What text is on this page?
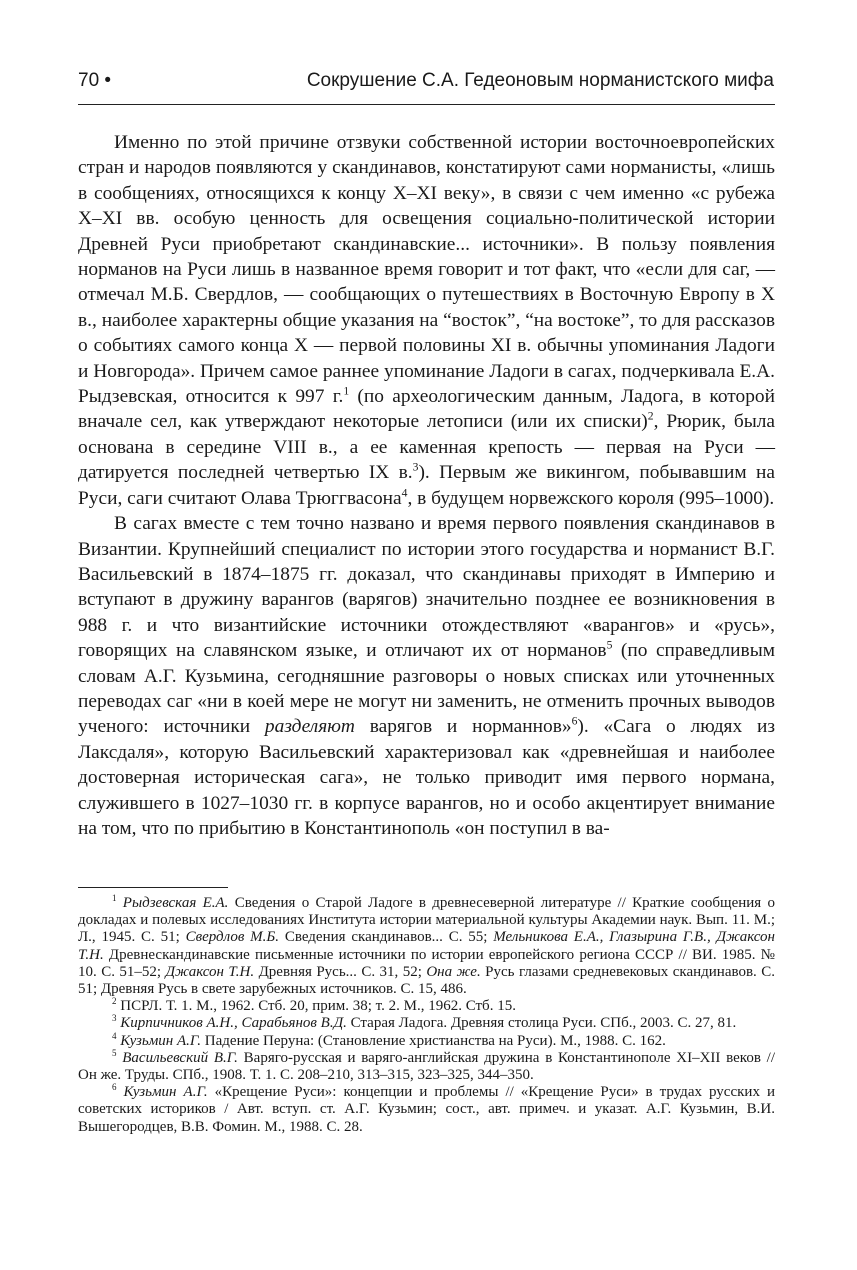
70 •	Сокрушение С.А. Гедеоновым норманистского мифа

Именно по этой причине отзвуки собственной истории восточноевропейских стран и народов появляются у скандинавов, констатируют сами норманисты, «лишь в сообщениях, относящихся к концу Х–XI веку», в связи с чем именно «с рубежа Х–XI вв. особую ценность для освещения социально-политической истории Древней Руси приобретают скандинавские... источники». В пользу появления норманов на Руси лишь в названное время говорит и тот факт, что «если для саг, — отмечал М.Б. Свердлов, — сообщающих о путешествиях в Восточную Европу в X в., наиболее характерны общие указания на “восток”, “на востоке”, то для рассказов о событиях самого конца X — первой половины XI в. обычны упоминания Ладоги и Новгорода». Причем самое раннее упоминание Ладоги в сагах, подчеркивала Е.А. Рыдзевская, относится к 997 г.$^1$ (по археологическим данным, Ладога, в которой вначале сел, как утверждают некоторые летописи (или их списки)$^2$, Рюрик, была основана в середине VIII в., а ее каменная крепость — первая на Руси — датируется последней четвертью IX в.$^3$). Первым же викингом, побывавшим на Руси, саги считают Олава Трюггвасона$^4$, в будущем норвежского короля (995–1000).

В сагах вместе с тем точно названо и время первого появления скандинавов в Византии. Крупнейший специалист по истории этого государства и норманист В.Г. Васильевский в 1874–1875 гг. доказал, что скандинавы приходят в Империю и вступают в дружину варангов (варягов) значительно позднее ее возникновения в 988 г. и что византийские источники отождествляют «варангов» и «русь», говорящих на славянском языке, и отличают их от норманов$^5$ (по справедливым словам А.Г. Кузьмина, сегодняшние разговоры о новых списках или уточненных переводах саг «ни в коей мере не могут ни заменить, не отменить прочных выводов ученого: источники разделяют варягов и норманнов»$^6$). «Сага о людях из Лаксдаля», которую Васильевский характеризовал как «древнейшая и наиболее достоверная историческая сага», не только приводит имя первого нормана, служившего в 1027–1030 гг. в корпусе варангов, но и особо акцентирует внимание на том, что по прибытию в Константинополь «он поступил в ва-

$^1$ Рыдзевская Е.А. Сведения о Старой Ладоге в древнесеверной литературе // Краткие сообщения о докладах и полевых исследованиях Института истории материальной культуры Академии наук. Вып. 11. М.; Л., 1945. С. 51; Свердлов М.Б. Сведения скандинавов... С. 55; Мельникова Е.А., Глазырина Г.В., Джаксон Т.Н. Древнескандинавские письменные источники по истории европейского региона СССР // ВИ. 1985. № 10. С. 51–52; Джаксон Т.Н. Древняя Русь... С. 31, 52; Она же. Русь глазами средневековых скандинавов. С. 51; Древняя Русь в свете зарубежных источников. С. 15, 486.

$^2$ ПСРЛ. Т. 1. М., 1962. Стб. 20, прим. 38; т. 2. М., 1962. Стб. 15.

$^3$ Кирпичников А.Н., Сарабьянов В.Д. Старая Ладога. Древняя столица Руси. СПб., 2003. С. 27, 81.

$^4$ Кузьмин А.Г. Падение Перуна: (Становление христианства на Руси). М., 1988. С. 162.

$^5$ Васильевский В.Г. Варяго-русская и варяго-английская дружина в Константинополе XI–XII веков // Он же. Труды. СПб., 1908. Т. 1. С. 208–210, 313–315, 323–325, 344–350.

$^6$ Кузьмин А.Г. «Крещение Руси»: концепции и проблемы // «Крещение Руси» в трудах русских и советских историков / Авт. вступ. ст. А.Г. Кузьмин; сост., авт. примеч. и указат. А.Г. Кузьмин, В.И. Вышегородцев, В.В. Фомин. М., 1988. С. 28.
